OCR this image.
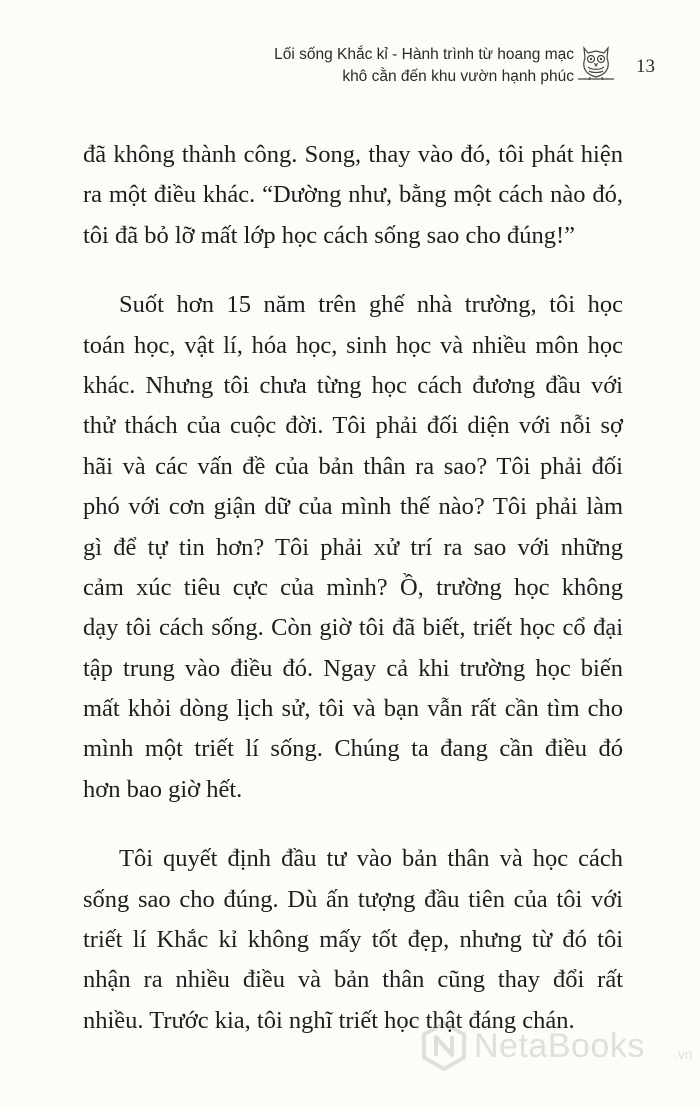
Lối sống Khắc kỉ - Hành trình từ hoang mạc
khô cằn đến khu vườn hạnh phúc	13
đã không thành công. Song, thay vào đó, tôi phát hiện
ra một điều khác. “Dường như, bằng một cách nào đó,
tôi đã bỏ lỡ mất lớp học cách sống sao cho đúng!”
Suốt hơn 15 năm trên ghế nhà trường, tôi học
toán học, vật lí, hóa học, sinh học và nhiều môn học
khác. Nhưng tôi chưa từng học cách đương đầu với
thử thách của cuộc đời. Tôi phải đối diện với nỗi sợ
hãi và các vấn đề của bản thân ra sao? Tôi phải đối
phó với cơn giận dữ của mình thế nào? Tôi phải làm
gì để tự tin hơn? Tôi phải xử trí ra sao với những
cảm xúc tiêu cực của mình? Ồ, trường học không
dạy tôi cách sống. Còn giờ tôi đã biết, triết học cổ đại
tập trung vào điều đó. Ngay cả khi trường học biến
mất khỏi dòng lịch sử, tôi và bạn vẫn rất cần tìm cho
mình một triết lí sống. Chúng ta đang cần điều đó
hơn bao giờ hết.
Tôi quyết định đầu tư vào bản thân và học cách
sống sao cho đúng. Dù ấn tượng đầu tiên của tôi với
triết lí Khắc kỉ không mấy tốt đẹp, nhưng từ đó tôi
nhận ra nhiều điều và bản thân cũng thay đổi rất
nhiều. Trước kia, tôi nghĩ triết học thật đáng chán.
NetaBooks .vn
